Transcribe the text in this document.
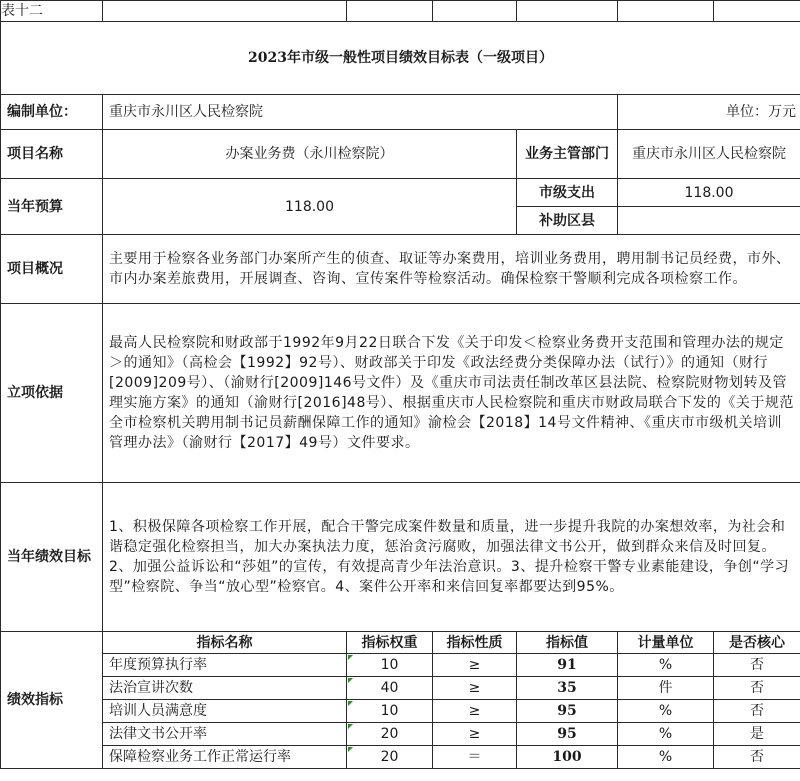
表十二						
2023年市级一般性项目绩效目标表（一级项目）						
编制单位：	重庆市永川区人民检察院				单位：万元	
项目名称	办案业务费（永川检察院）			业务主管部门	重庆市永川区人民检察院	
当年预算	118.00			市级支出	118.00	
				补助区县		
项目概况	主要用于检察各业务部门办案所产生的侦查、取证等办案费用，培训业务费用，聘用制书记员经费，市外、市内办案差旅费用，开展调查、咨询、宣传案件等检察活动。确保检察干警顺利完成各项检察工作。					
立项依据	最高人民检察院和财政部于1992年9月22日联合下发《关于印发＜检察业务费开支范围和管理办法的规定＞的通知》（高检会【1992】92号）、财政部关于印发《政法经费分类保障办法（试行）》的通知（财行[2009]209号）、（渝财行[2009]146号文件）及《重庆市司法责任制改革区县法院、检察院财物划转及管理实施方案》的通知（渝财行[2016]48号）、根据重庆市人民检察院和重庆市财政局联合下发的《关于规范全市检察机关聘用制书记员薪酬保障工作的通知》渝检会【2018】14号文件精神、《重庆市市级机关培训管理办法》（渝财行【2017】49号）文件要求。					
当年绩效目标	1、积极保障各项检察工作开展，配合干警完成案件数量和质量，进一步提升我院的办案想效率，为社会和谐稳定强化检察担当，加大办案执法力度，惩治贪污腐败，加强法律文书公开，做到群众来信及时回复。2、加强公益诉讼和“莎姐”的宣传，有效提高青少年法治意识。3、提升检察干警专业素能建设，争创“学习型”检察院、争当“放心型”检察官。4、案件公开率和来信回复率都要达到95%。					
绩效指标	指标名称	指标权重	指标性质	指标值	计量单位	是否核心
	年度预算执行率	10	≥	91	%	否
	法治宣讲次数	40	≥	35	件	否
	培训人员满意度	10	≥	95	%	否
	法律文书公开率	20	≥	95	%	是
	保障检察业务工作正常运行率	20	＝	100	%	否
